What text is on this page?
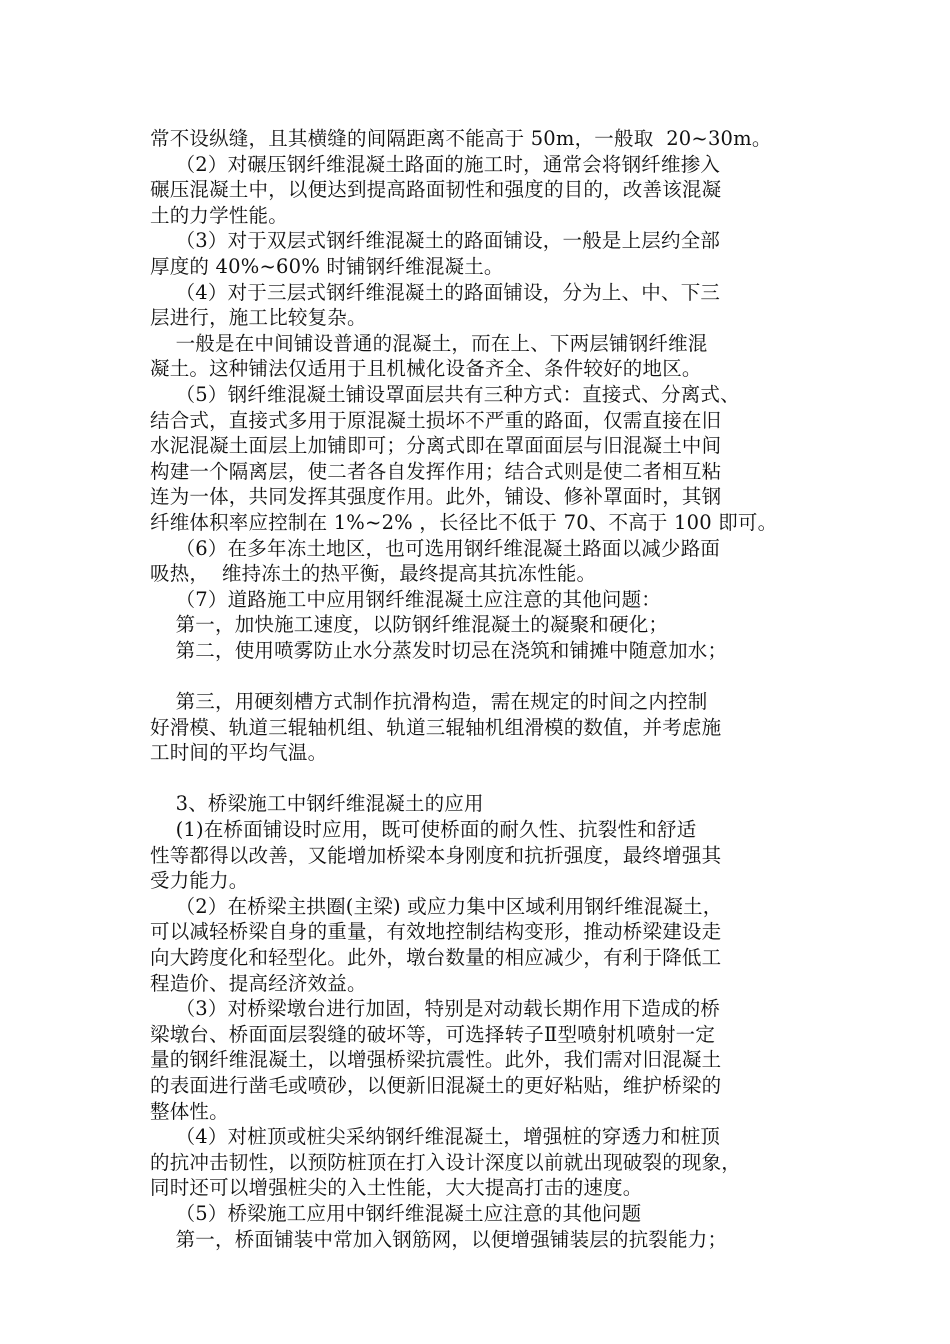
常不设纵缝，且其横缝的间隔距离不能高于 50m，一般取  20~30m。
（2）对碾压钢纤维混凝土路面的施工时，通常会将钢纤维掺入
碾压混凝土中，以便达到提高路面韧性和强度的目的，改善该混凝
土的力学性能。
（3）对于双层式钢纤维混凝土的路面铺设，一般是上层约全部
厚度的 40%~60% 时铺钢纤维混凝土。
（4）对于三层式钢纤维混凝土的路面铺设，分为上、中、下三
层进行，施工比较复杂。
一般是在中间铺设普通的混凝土，而在上、下两层铺钢纤维混
凝土。这种铺法仅适用于且机械化设备齐全、条件较好的地区。
（5）钢纤维混凝土铺设罩面层共有三种方式：直接式、分离式、
结合式，直接式多用于原混凝土损坏不严重的路面，仅需直接在旧
水泥混凝土面层上加铺即可；分离式即在罩面面层与旧混凝土中间
构建一个隔离层，使二者各自发挥作用；结合式则是使二者相互粘
连为一体，共同发挥其强度作用。此外，铺设、修补罩面时，其钢
纤维体积率应控制在 1%~2% ，长径比不低于 70、不高于 100 即可。
（6）在多年冻土地区，也可选用钢纤维混凝土路面以减少路面
吸热，  维持冻土的热平衡，最终提高其抗冻性能。
（7）道路施工中应用钢纤维混凝土应注意的其他问题：
第一，加快施工速度，以防钢纤维混凝土的凝聚和硬化；
第二，使用喷雾防止水分蒸发时切忌在浇筑和铺摊中随意加水；
第三，用硬刻槽方式制作抗滑构造，需在规定的时间之内控制
好滑模、轨道三辊轴机组、轨道三辊轴机组滑模的数值，并考虑施
工时间的平均气温。
3、桥梁施工中钢纤维混凝土的应用
(1)在桥面铺设时应用，既可使桥面的耐久性、抗裂性和舒适
性等都得以改善，又能增加桥梁本身刚度和抗折强度，最终增强其
受力能力。
（2）在桥梁主拱圈(主梁) 或应力集中区域利用钢纤维混凝土，
可以减轻桥梁自身的重量，有效地控制结构变形，推动桥梁建设走
向大跨度化和轻型化。此外，墩台数量的相应减少，有利于降低工
程造价、提高经济效益。
（3）对桥梁墩台进行加固，特别是对动载长期作用下造成的桥
梁墩台、桥面面层裂缝的破坏等，可选择转子Ⅱ型喷射机喷射一定
量的钢纤维混凝土，以增强桥梁抗震性。此外，我们需对旧混凝土
的表面进行凿毛或喷砂，以便新旧混凝土的更好粘贴，维护桥梁的
整体性。
（4）对桩顶或桩尖采纳钢纤维混凝土，增强桩的穿透力和桩顶
的抗冲击韧性，以预防桩顶在打入设计深度以前就出现破裂的现象，
同时还可以增强桩尖的入土性能，大大提高打击的速度。
（5）桥梁施工应用中钢纤维混凝土应注意的其他问题
第一，桥面铺装中常加入钢筋网，以便增强铺装层的抗裂能力；
